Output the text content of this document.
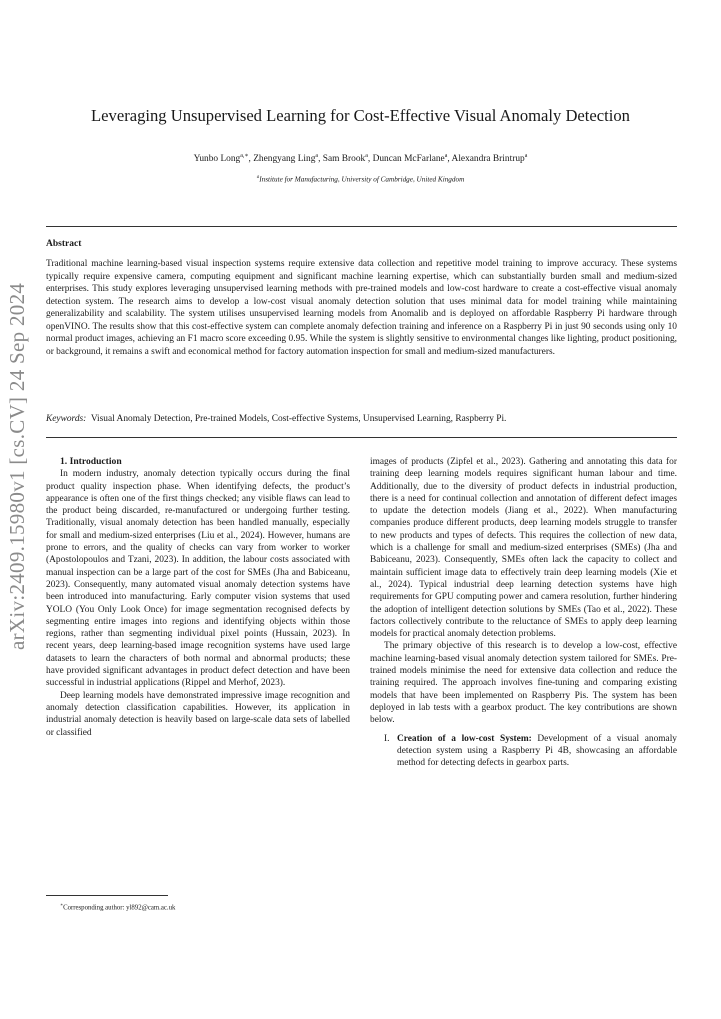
arXiv:2409.15980v1 [cs.CV] 24 Sep 2024
Leveraging Unsupervised Learning for Cost-Effective Visual Anomaly Detection
Yunbo Long$^{a,∗}$, Zhengyang Ling$^a$, Sam Brook$^a$, Duncan McFarlane$^a$, Alexandra Brintrup$^a$
$^a$Institute for Manufacturing, University of Cambridge, United Kingdom
Abstract
Traditional machine learning-based visual inspection systems require extensive data collection and repetitive model training to improve accuracy. These systems typically require expensive camera, computing equipment and significant machine learning expertise, which can substantially burden small and medium-sized enterprises. This study explores leveraging unsupervised learning methods with pre-trained models and low-cost hardware to create a cost-effective visual anomaly detection system. The research aims to develop a low-cost visual anomaly detection solution that uses minimal data for model training while maintaining generalizability and scalability. The system utilises unsupervised learning models from Anomalib and is deployed on affordable Raspberry Pi hardware through openVINO. The results show that this cost-effective system can complete anomaly defection training and inference on a Raspberry Pi in just 90 seconds using only 10 normal product images, achieving an F1 macro score exceeding 0.95. While the system is slightly sensitive to environmental changes like lighting, product positioning, or background, it remains a swift and economical method for factory automation inspection for small and medium-sized manufacturers.
Keywords: Visual Anomaly Detection, Pre-trained Models, Cost-effective Systems, Unsupervised Learning, Raspberry Pi.

1. Introduction

In modern industry, anomaly detection typically occurs during the final product quality inspection phase. When identifying defects, the product’s appearance is often one of the first things checked; any visible flaws can lead to the product being discarded, re-manufactured or undergoing further testing. Traditionally, visual anomaly detection has been handled manually, especially for small and medium-sized enterprises (Liu et al., 2024). However, humans are prone to errors, and the quality of checks can vary from worker to worker (Apostolopoulos and Tzani, 2023). In addition, the labour costs associated with manual inspection can be a large part of the cost for SMEs (Jha and Babiceanu, 2023). Consequently, many automated visual anomaly detection systems have been introduced into manufacturing. Early computer vision systems that used YOLO (You Only Look Once) for image segmentation recognised defects by segmenting entire images into regions and identifying objects within those regions, rather than segmenting individual pixel points (Hussain, 2023). In recent years, deep learning-based image recognition systems have used large datasets to learn the characters of both normal and abnormal products; these have provided significant advantages in product defect detection and have been successful in industrial applications (Rippel and Merhof, 2023).

Deep learning models have demonstrated impressive image recognition and anomaly detection classification capabilities. However, its application in industrial anomaly detection is heavily based on large-scale data sets of labelled or classified

images of products (Zipfel et al., 2023). Gathering and annotating this data for training deep learning models requires significant human labour and time. Additionally, due to the diversity of product defects in industrial production, there is a need for continual collection and annotation of different defect images to update the detection models (Jiang et al., 2022). When manufacturing companies produce different products, deep learning models struggle to transfer to new products and types of defects. This requires the collection of new data, which is a challenge for small and medium-sized enterprises (SMEs) (Jha and Babiceanu, 2023). Consequently, SMEs often lack the capacity to collect and maintain sufficient image data to effectively train deep learning models (Xie et al., 2024). Typical industrial deep learning detection systems have high requirements for GPU computing power and camera resolution, further hindering the adoption of intelligent detection solutions by SMEs (Tao et al., 2022). These factors collectively contribute to the reluctance of SMEs to apply deep learning models for practical anomaly detection problems.

The primary objective of this research is to develop a low-cost, effective machine learning-based visual anomaly detection system tailored for SMEs. Pre-trained models minimise the need for extensive data collection and reduce the training required. The approach involves fine-tuning and comparing existing models that have been implemented on Raspberry Pis. The system has been deployed in lab tests with a gearbox product. The key contributions are shown below.

I. Creation of a low-cost System: Development of a visual anomaly detection system using a Raspberry Pi 4B, showcasing an affordable method for detecting defects in gearbox parts.
∗Corresponding author: yl892@cam.ac.uk
